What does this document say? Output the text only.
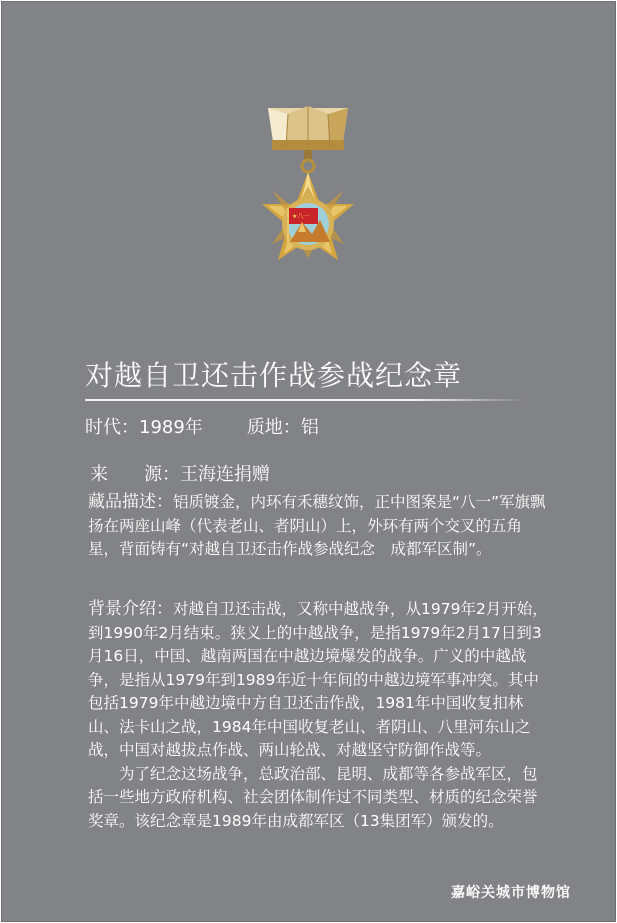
★八一
对越自卫还击作战参战纪念章
时代：1989年 质地：铝
来　　源：王海连捐赠
藏品描述：铝质镀金，内环有禾穗纹饰，正中图案是“八一”军旗飘扬在两座山峰（代表老山、者阴山）上，外环有两个交叉的五角星，背面铸有“对越自卫还击作战参战纪念　成都军区制”。
背景介绍：对越自卫还击战，又称中越战争，从1979年2月开始，到1990年2月结束。狭义上的中越战争，是指1979年2月17日到3月16日，中国、越南两国在中越边境爆发的战争。广义的中越战争，是指从1979年到1989年近十年间的中越边境军事冲突。其中包括1979年中越边境中方自卫还击作战，1981年中国收复扣林山、法卡山之战，1984年中国收复老山、者阴山、八里河东山之战，中国对越拔点作战、两山轮战、对越坚守防御作战等。
为了纪念这场战争，总政治部、昆明、成都等各参战军区，包括一些地方政府机构、社会团体制作过不同类型、材质的纪念荣誉奖章。该纪念章是1989年由成都军区（13集团军）颁发的。
嘉峪关城市博物馆
